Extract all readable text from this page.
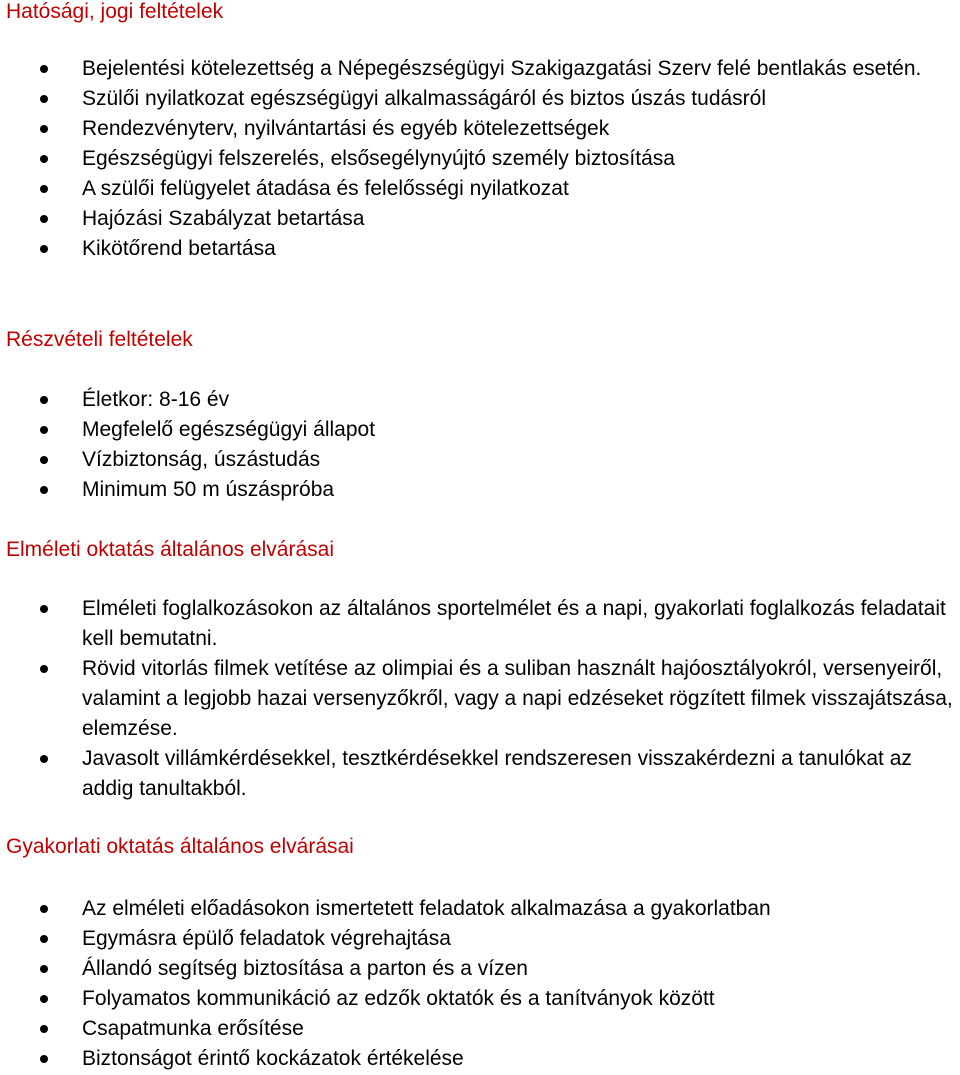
Hatósági, jogi feltételek
Bejelentési kötelezettség a Népegészségügyi Szakigazgatási Szerv felé bentlakás esetén.
Szülői nyilatkozat egészségügyi alkalmasságáról és biztos úszás tudásról
Rendezvényterv, nyilvántartási és egyéb kötelezettségek
Egészségügyi felszerelés, elsősegélynyújtó személy biztosítása
A szülői felügyelet átadása és felelősségi nyilatkozat
Hajózási Szabályzat betartása
Kikötőrend betartása
Részvételi feltételek
Életkor: 8-16 év
Megfelelő egészségügyi állapot
Vízbiztonság, úszástudás
Minimum 50 m úszáspróba
Elméleti oktatás általános elvárásai
Elméleti foglalkozásokon az általános sportelmélet és a napi, gyakorlati foglalkozás feladatait kell bemutatni.
Rövid vitorlás filmek vetítése az olimpiai és a suliban használt hajóosztályokról, versenyeiről, valamint a legjobb hazai versenyzőkről, vagy a napi edzéseket rögzített filmek visszajátszása, elemzése.
Javasolt villámkérdésekkel, tesztkérdésekkel rendszeresen visszakérdezni a tanulókat az addig tanultakból.
Gyakorlati oktatás általános elvárásai
Az elméleti előadásokon ismertetett feladatok alkalmazása a gyakorlatban
Egymásra épülő feladatok végrehajtása
Állandó segítség biztosítása a parton és a vízen
Folyamatos kommunikáció az edzők oktatók és a tanítványok között
Csapatmunka erősítése
Biztonságot érintő kockázatok értékelése
